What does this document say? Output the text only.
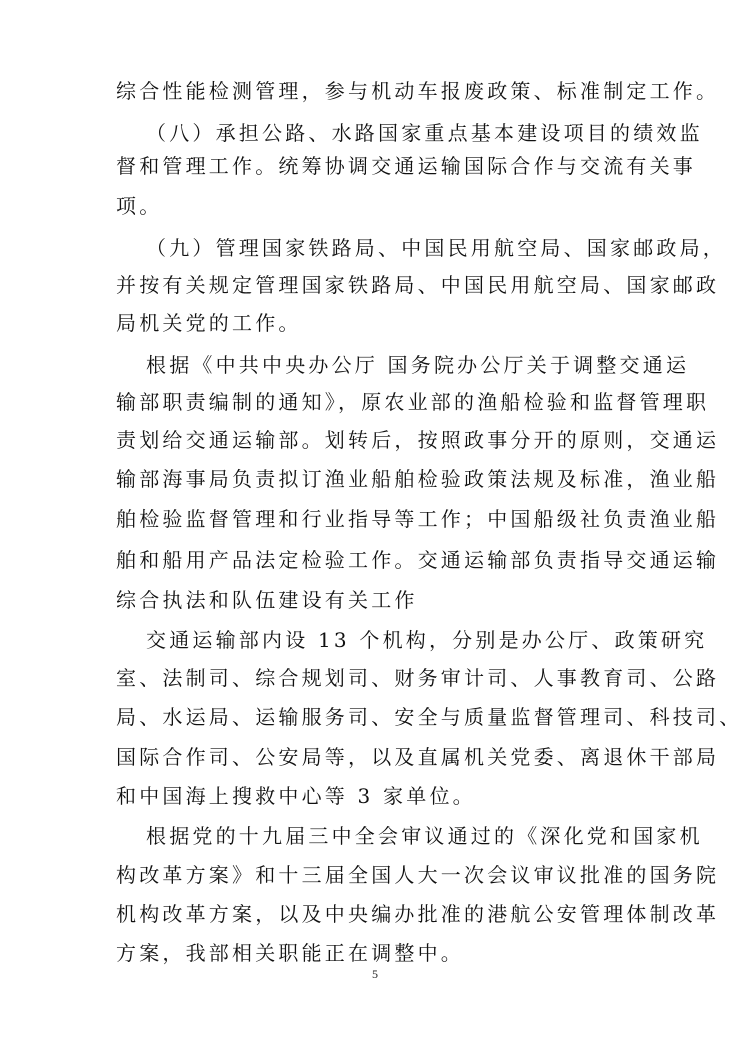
综合性能检测管理，参与机动车报废政策、标准制定工作。
（八）承担公路、水路国家重点基本建设项目的绩效监
督和管理工作。统筹协调交通运输国际合作与交流有关事
项。
（九）管理国家铁路局、中国民用航空局、国家邮政局，
并按有关规定管理国家铁路局、中国民用航空局、国家邮政
局机关党的工作。
根据《中共中央办公厅 国务院办公厅关于调整交通运
输部职责编制的通知》，原农业部的渔船检验和监督管理职
责划给交通运输部。划转后，按照政事分开的原则，交通运
输部海事局负责拟订渔业船舶检验政策法规及标准，渔业船
舶检验监督管理和行业指导等工作；中国船级社负责渔业船
舶和船用产品法定检验工作。交通运输部负责指导交通运输
综合执法和队伍建设有关工作
交通运输部内设 13 个机构，分别是办公厅、政策研究
室、法制司、综合规划司、财务审计司、人事教育司、公路
局、水运局、运输服务司、安全与质量监督管理司、科技司、
国际合作司、公安局等，以及直属机关党委、离退休干部局
和中国海上搜救中心等 3 家单位。
根据党的十九届三中全会审议通过的《深化党和国家机
构改革方案》和十三届全国人大一次会议审议批准的国务院
机构改革方案，以及中央编办批准的港航公安管理体制改革
方案，我部相关职能正在调整中。
5
